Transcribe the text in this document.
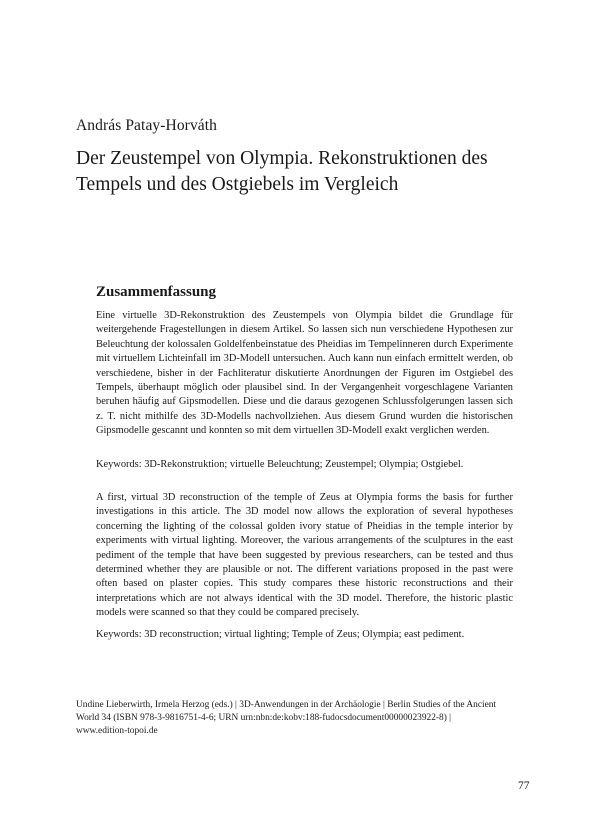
András Patay-Horváth
Der Zeustempel von Olympia. Rekonstruktionen des Tempels und des Ostgiebels im Vergleich
Zusammenfassung
Eine virtuelle 3D-Rekonstruktion des Zeustempels von Olympia bildet die Grundlage für weitergehende Fragestellungen in diesem Artikel. So lassen sich nun verschiedene Hypothesen zur Beleuchtung der kolossalen Goldelfenbeinstatue des Pheidias im Tempelinneren durch Experimente mit virtuellem Lichteinfall im 3D-Modell untersuchen. Auch kann nun einfach ermittelt werden, ob verschiedene, bisher in der Fachliteratur diskutierte Anordnungen der Figuren im Ostgiebel des Tempels, überhaupt möglich oder plausibel sind. In der Vergangenheit vorgeschlagene Varianten beruhen häufig auf Gipsmodellen. Diese und die daraus gezogenen Schlussfolgerungen lassen sich z. T. nicht mithilfe des 3D-Modells nachvollziehen. Aus diesem Grund wurden die historischen Gipsmodelle gescannt und konnten so mit dem virtuellen 3D-Modell exakt verglichen werden.
Keywords: 3D-Rekonstruktion; virtuelle Beleuchtung; Zeustempel; Olympia; Ostgiebel.
A first, virtual 3D reconstruction of the temple of Zeus at Olympia forms the basis for further investigations in this article. The 3D model now allows the exploration of several hypotheses concerning the lighting of the colossal golden ivory statue of Pheidias in the temple interior by experiments with virtual lighting. Moreover, the various arrangements of the sculptures in the east pediment of the temple that have been suggested by previous researchers, can be tested and thus determined whether they are plausible or not. The different variations proposed in the past were often based on plaster copies. This study compares these historic reconstructions and their interpretations which are not always identical with the 3D model. Therefore, the historic plastic models were scanned so that they could be compared precisely.
Keywords: 3D reconstruction; virtual lighting; Temple of Zeus; Olympia; east pediment.
Undine Lieberwirth, Irmela Herzog (eds.) | 3D-Anwendungen in der Archäologie | Berlin Studies of the Ancient World 34 (ISBN 978-3-9816751-4-6; URN urn:nbn:de:kobv:188-fudocsdocument00000023922-8) | www.edition-topoi.de
77
